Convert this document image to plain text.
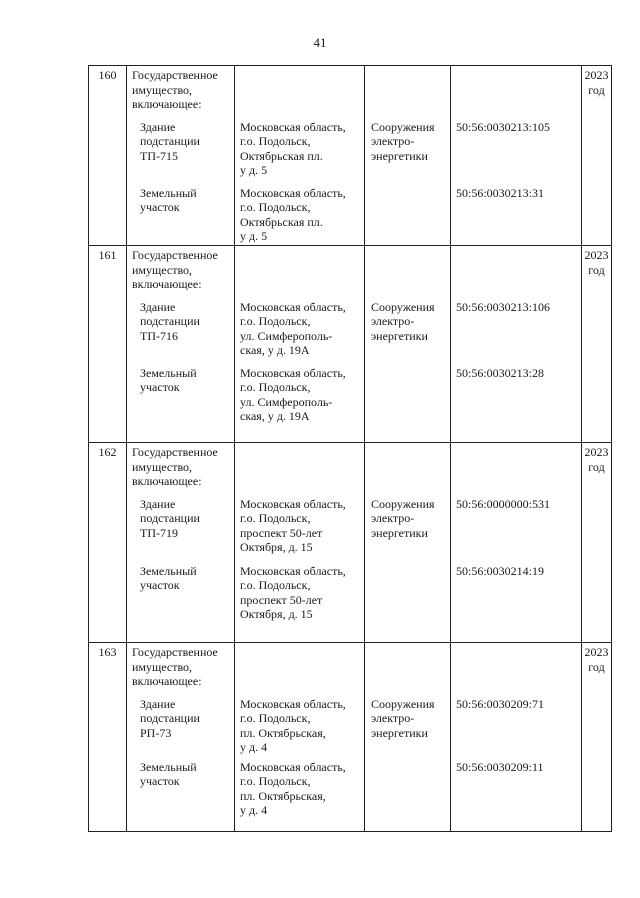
41
160	Государственное
имущество,
включающее:				2023
год

	Здание
подстанции
ТП-715	Московская область,
г.о. Подольск,
Октябрьская пл.
у д. 5	Сооружения
электро-
энергетики	50:56:0030213:105	

	Земельный
участок	Московская область,
г.о. Подольск,
Октябрьская пл.
у д. 5		50:56:0030213:31	

161	Государственное
имущество,
включающее:				2023
год

	Здание
подстанции
ТП-716	Московская область,
г.о. Подольск,
ул. Симферополь-
ская, у д. 19А	Сооружения
электро-
энергетики	50:56:0030213:106	

	Земельный
участок	Московская область,
г.о. Подольск,
ул. Симферополь-
ская, у д. 19А		50:56:0030213:28	

162	Государственное
имущество,
включающее:				2023
год

	Здание
подстанции
ТП-719	Московская область,
г.о. Подольск,
проспект 50-лет
Октября, д. 15	Сооружения
электро-
энергетики	50:56:0000000:531	

	Земельный
участок	Московская область,
г.о. Подольск,
проспект 50-лет
Октября, д. 15		50:56:0030214:19	

163	Государственное
имущество,
включающее:				2023
год

	Здание
подстанции
РП-73	Московская область,
г.о. Подольск,
пл. Октябрьская,
у д. 4	Сооружения
электро-
энергетики	50:56:0030209:71	

	Земельный
участок	Московская область,
г.о. Подольск,
пл. Октябрьская,
у д. 4		50:56:0030209:11	
